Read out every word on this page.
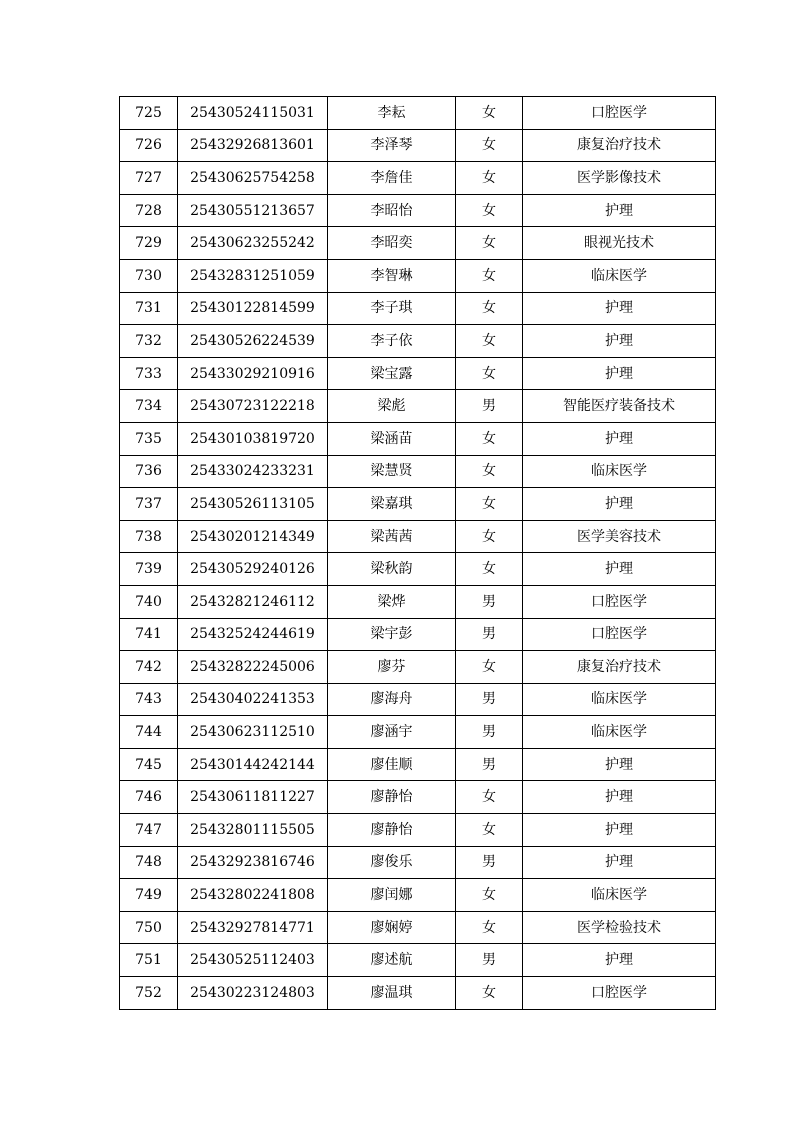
725	25430524115031	李耘	女	口腔医学
726	25432926813601	李泽琴	女	康复治疗技术
727	25430625754258	李詹佳	女	医学影像技术
728	25430551213657	李昭怡	女	护理
729	25430623255242	李昭奕	女	眼视光技术
730	25432831251059	李智琳	女	临床医学
731	25430122814599	李子琪	女	护理
732	25430526224539	李子依	女	护理
733	25433029210916	梁宝露	女	护理
734	25430723122218	梁彪	男	智能医疗装备技术
735	25430103819720	梁涵苗	女	护理
736	25433024233231	梁慧贤	女	临床医学
737	25430526113105	梁嘉琪	女	护理
738	25430201214349	梁茜茜	女	医学美容技术
739	25430529240126	梁秋韵	女	护理
740	25432821246112	梁烨	男	口腔医学
741	25432524244619	梁宇彭	男	口腔医学
742	25432822245006	廖芬	女	康复治疗技术
743	25430402241353	廖海舟	男	临床医学
744	25430623112510	廖涵宇	男	临床医学
745	25430144242144	廖佳顺	男	护理
746	25430611811227	廖静怡	女	护理
747	25432801115505	廖静怡	女	护理
748	25432923816746	廖俊乐	男	护理
749	25432802241808	廖闰娜	女	临床医学
750	25432927814771	廖娴婷	女	医学检验技术
751	25430525112403	廖述航	男	护理
752	25430223124803	廖温琪	女	口腔医学
